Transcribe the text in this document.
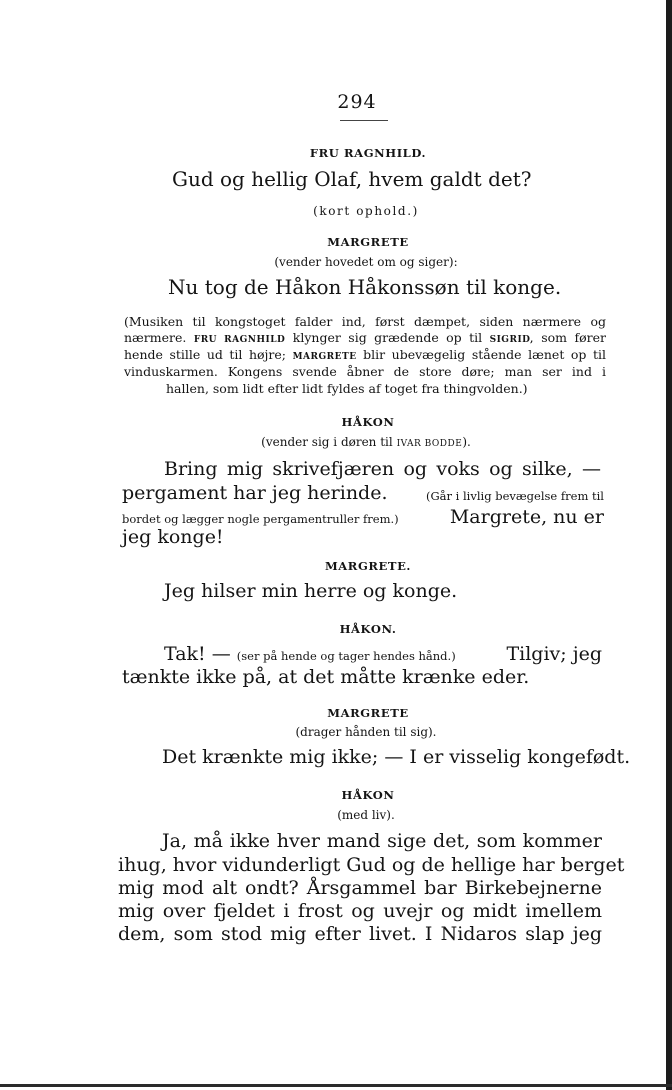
294
FRU RAGNHILD.
Gud og hellig Olaf, hvem galdt det?
(kort ophold.)
MARGRETE
(vender hovedet om og siger):
Nu tog de Håkon Håkonssøn til konge.
(Musiken til kongstoget falder ind, først dæmpet, siden nærmere og
nærmere. FRU RAGNHILD klynger sig grædende op til SIGRID, som fører
hende stille ud til højre; MARGRETE blir ubevægelig stående lænet op til
vinduskarmen. Kongens svende åbner de store døre; man ser ind i
hallen, som lidt efter lidt fyldes af toget fra thingvolden.)
HÅKON
(vender sig i døren til IVAR BODDE).
Bring mig skrivefjæren og voks og silke, —
pergament har jeg herinde.	(Går i livlig bevægelse frem til
bordet og lægger nogle pergamentruller frem.)	Margrete, nu er
jeg konge!
MARGRETE.
Jeg hilser min herre og konge.
HÅKON.
Tak! — (ser på hende og tager hendes hånd.)	Tilgiv; jeg
tænkte ikke på, at det måtte krænke eder.
MARGRETE
(drager hånden til sig).
Det krænkte mig ikke; — I er visselig kongefødt.
HÅKON
(med liv).
Ja, må ikke hver mand sige det, som kommer
ihug, hvor vidunderligt Gud og de hellige har berget
mig mod alt ondt? Årsgammel bar Birkebejnerne
mig over fjeldet i frost og uvejr og midt imellem
dem, som stod mig efter livet. I Nidaros slap jeg
